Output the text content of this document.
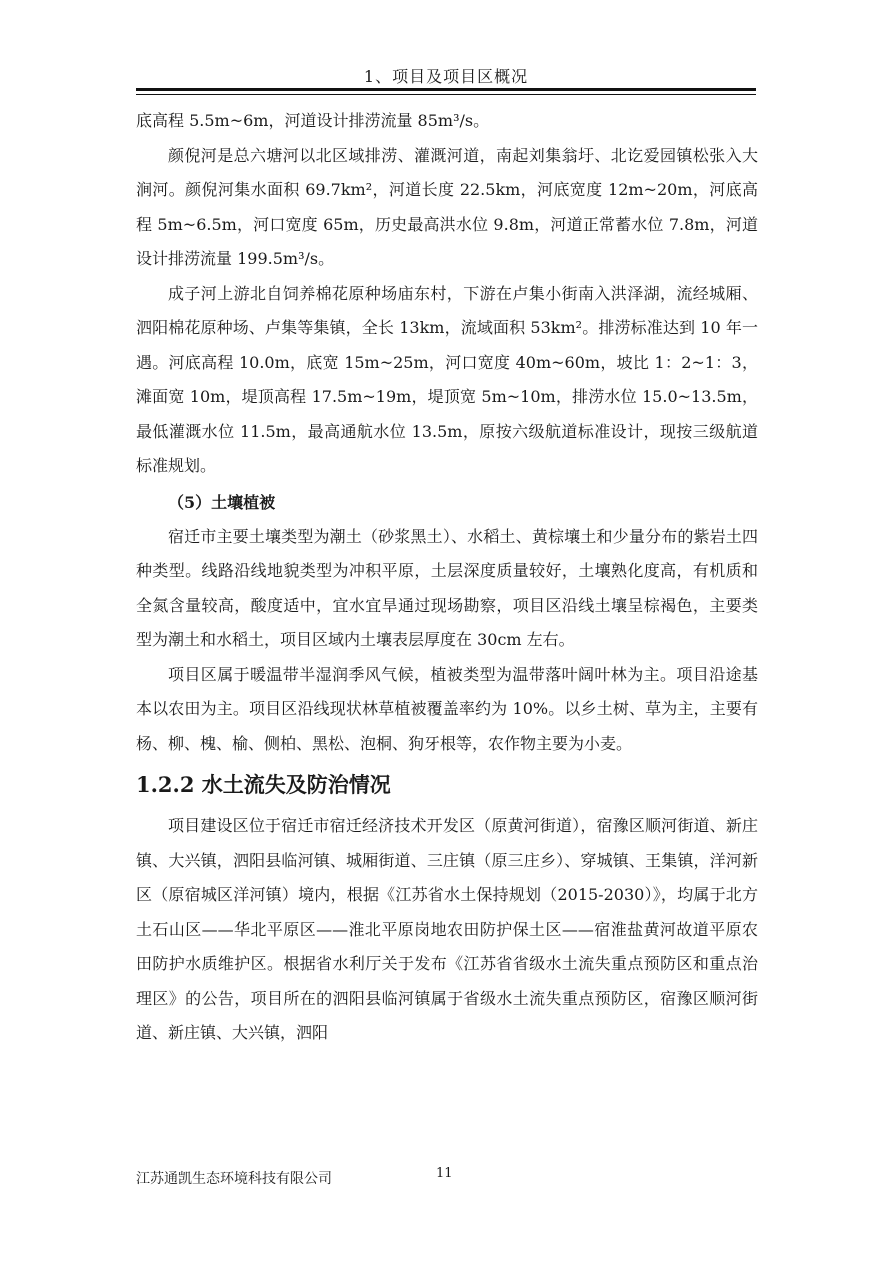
1、项目及项目区概况

底高程 5.5m~6m，河道设计排涝流量 85m³/s。

颜倪河是总六塘河以北区域排涝、灌溉河道，南起刘集翁圩、北讫爱园镇松张入大涧河。颜倪河集水面积 69.7km²，河道长度 22.5km，河底宽度 12m~20m，河底高程 5m~6.5m，河口宽度 65m，历史最高洪水位 9.8m，河道正常蓄水位 7.8m，河道设计排涝流量 199.5m³/s。

成子河上游北自饲养棉花原种场庙东村，下游在卢集小街南入洪泽湖，流经城厢、泗阳棉花原种场、卢集等集镇，全长 13km，流域面积 53km²。排涝标准达到 10 年一遇。河底高程 10.0m，底宽 15m~25m，河口宽度 40m~60m，坡比 1：2~1：3，滩面宽 10m，堤顶高程 17.5m~19m，堤顶宽 5m~10m，排涝水位 15.0~13.5m，最低灌溉水位 11.5m，最高通航水位 13.5m，原按六级航道标准设计，现按三级航道标准规划。

（5）土壤植被

宿迁市主要土壤类型为潮土（砂浆黑土）、水稻土、黄棕壤土和少量分布的紫岩土四种类型。线路沿线地貌类型为冲积平原，土层深度质量较好，土壤熟化度高，有机质和全氮含量较高，酸度适中，宜水宜旱通过现场勘察，项目区沿线土壤呈棕褐色，主要类型为潮土和水稻土，项目区域内土壤表层厚度在 30cm 左右。

项目区属于暖温带半湿润季风气候，植被类型为温带落叶阔叶林为主。项目沿途基本以农田为主。项目区沿线现状林草植被覆盖率约为 10%。以乡土树、草为主，主要有杨、柳、槐、榆、侧柏、黑松、泡桐、狗牙根等，农作物主要为小麦。

1.2.2 水土流失及防治情况

项目建设区位于宿迁市宿迁经济技术开发区（原黄河街道），宿豫区顺河街道、新庄镇、大兴镇，泗阳县临河镇、城厢街道、三庄镇（原三庄乡）、穿城镇、王集镇，洋河新区（原宿城区洋河镇）境内，根据《江苏省水土保持规划（2015-2030）》，均属于北方土石山区——华北平原区——淮北平原岗地农田防护保土区——宿淮盐黄河故道平原农田防护水质维护区。根据省水利厅关于发布《江苏省省级水土流失重点预防区和重点治理区》的公告，项目所在的泗阳县临河镇属于省级水土流失重点预防区，宿豫区顺河街道、新庄镇、大兴镇，泗阳

江苏通凯生态环境科技有限公司	11
